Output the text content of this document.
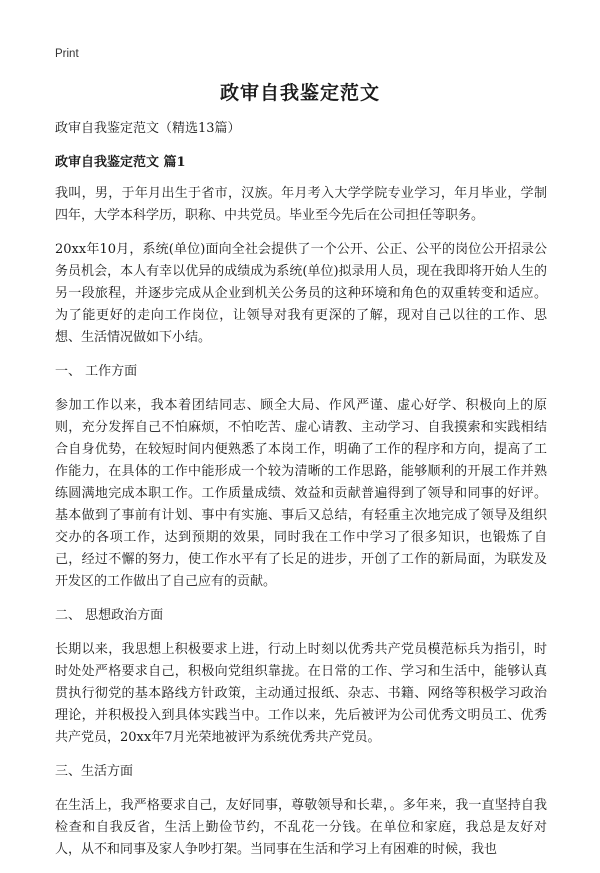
Print
政审自我鉴定范文

政审自我鉴定范文（精选13篇）

政审自我鉴定范文 篇1

我叫，男，于年月出生于省市，汉族。年月考入大学学院专业学习，年月毕业，学制四年，大学本科学历，职称、中共党员。毕业至今先后在公司担任等职务。

20xx年10月，系统(单位)面向全社会提供了一个公开、公正、公平的岗位公开招录公务员机会，本人有幸以优异的成绩成为系统(单位)拟录用人员，现在我即将开始人生的另一段旅程，并逐步完成从企业到机关公务员的这种环境和角色的双重转变和适应。为了能更好的走向工作岗位，让领导对我有更深的了解，现对自己以往的工作、思想、生活情况做如下小结。

一、 工作方面

参加工作以来，我本着团结同志、顾全大局、作风严谨、虚心好学、积极向上的原则，充分发挥自己不怕麻烦，不怕吃苦、虚心请教、主动学习、自我摸索和实践相结合自身优势，在较短时间内便熟悉了本岗工作，明确了工作的程序和方向，提高了工作能力，在具体的工作中能形成一个较为清晰的工作思路，能够顺利的开展工作并熟练圆满地完成本职工作。工作质量成绩、效益和贡献普遍得到了领导和同事的好评。基本做到了事前有计划、事中有实施、事后又总结，有轻重主次地完成了领导及组织交办的各项工作，达到预期的效果，同时我在工作中学习了很多知识，也锻炼了自己，经过不懈的努力，使工作水平有了长足的进步，开创了工作的新局面，为联发及开发区的工作做出了自己应有的贡献。

二、 思想政治方面

长期以来，我思想上积极要求上进，行动上时刻以优秀共产党员模范标兵为指引，时时处处严格要求自己，积极向党组织靠拢。在日常的工作、学习和生活中，能够认真贯执行彻党的基本路线方针政策，主动通过报纸、杂志、书籍、网络等积极学习政治理论，并积极投入到具体实践当中。工作以来，先后被评为公司优秀文明员工、优秀共产党员，20xx年7月光荣地被评为系统优秀共产党员。

三、生活方面

在生活上，我严格要求自己，友好同事，尊敬领导和长辈，。多年来，我一直坚持自我检查和自我反省，生活上勤俭节约，不乱花一分钱。在单位和家庭，我总是友好对人，从不和同事及家人争吵打架。当同事在生活和学习上有困难的时候，我也
